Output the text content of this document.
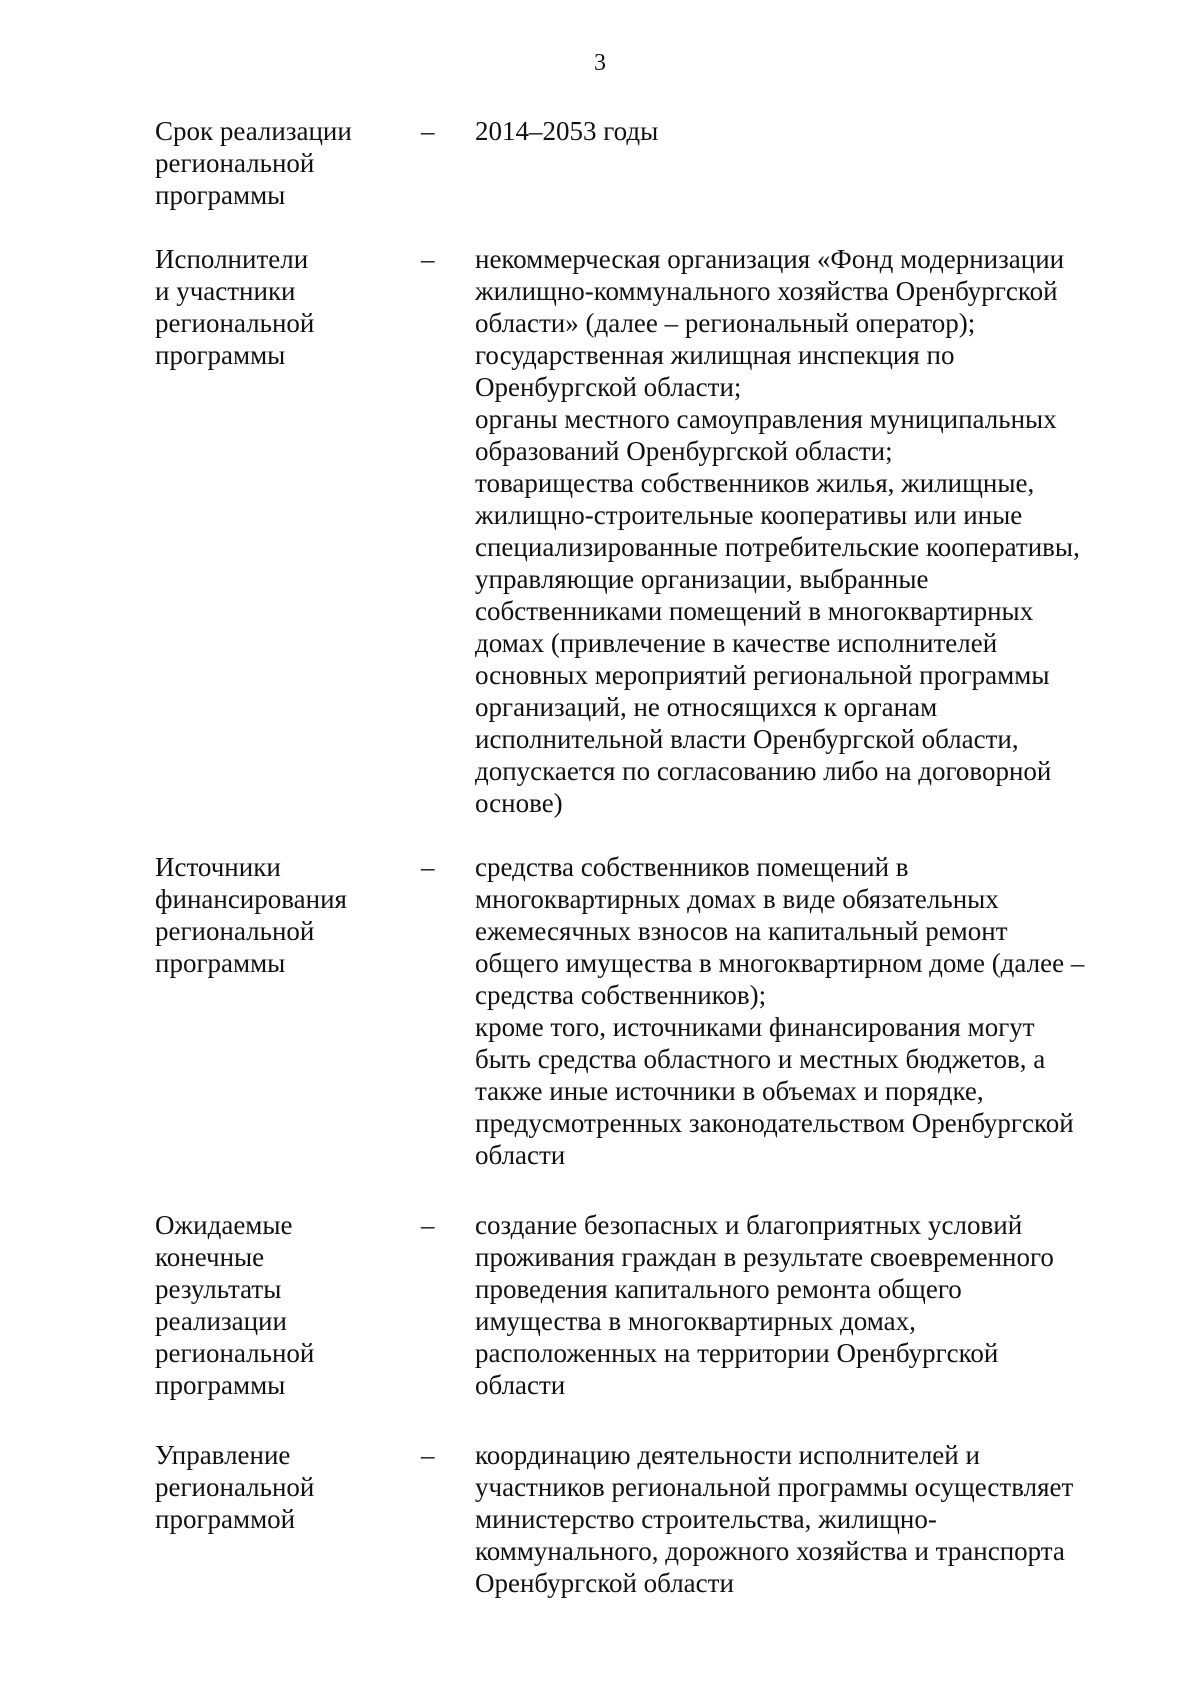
3
Срок реализации
региональной
программы
–	2014–2053 годы
Исполнители
и участники
региональной
программы
–	некоммерческая организация «Фонд модернизации
жилищно-коммунального хозяйства Оренбургской
области» (далее – региональный оператор);
государственная жилищная инспекция по
Оренбургской области;
органы местного самоуправления муниципальных
образований Оренбургской области;
товарищества собственников жилья, жилищные,
жилищно-строительные кооперативы или иные
специализированные потребительские кооперативы,
управляющие организации, выбранные
собственниками помещений в многоквартирных
домах (привлечение в качестве исполнителей
основных мероприятий региональной программы
организаций, не относящихся к органам
исполнительной власти Оренбургской области,
допускается по согласованию либо на договорной
основе)
Источники
финансирования
региональной
программы
–	средства собственников помещений в
многоквартирных домах в виде обязательных
ежемесячных взносов на капитальный ремонт
общего имущества в многоквартирном доме (далее –
средства собственников);
кроме того, источниками финансирования могут
быть средства областного и местных бюджетов, а
также иные источники в объемах и порядке,
предусмотренных законодательством Оренбургской
области
Ожидаемые
конечные
результаты
реализации
региональной
программы
–	создание безопасных и благоприятных условий
проживания граждан в результате своевременного
проведения капитального ремонта общего
имущества в многоквартирных домах,
расположенных на территории Оренбургской
области
Управление
региональной
программой
–	координацию деятельности исполнителей и
участников региональной программы осуществляет
министерство строительства, жилищно-
коммунального, дорожного хозяйства и транспорта
Оренбургской области
